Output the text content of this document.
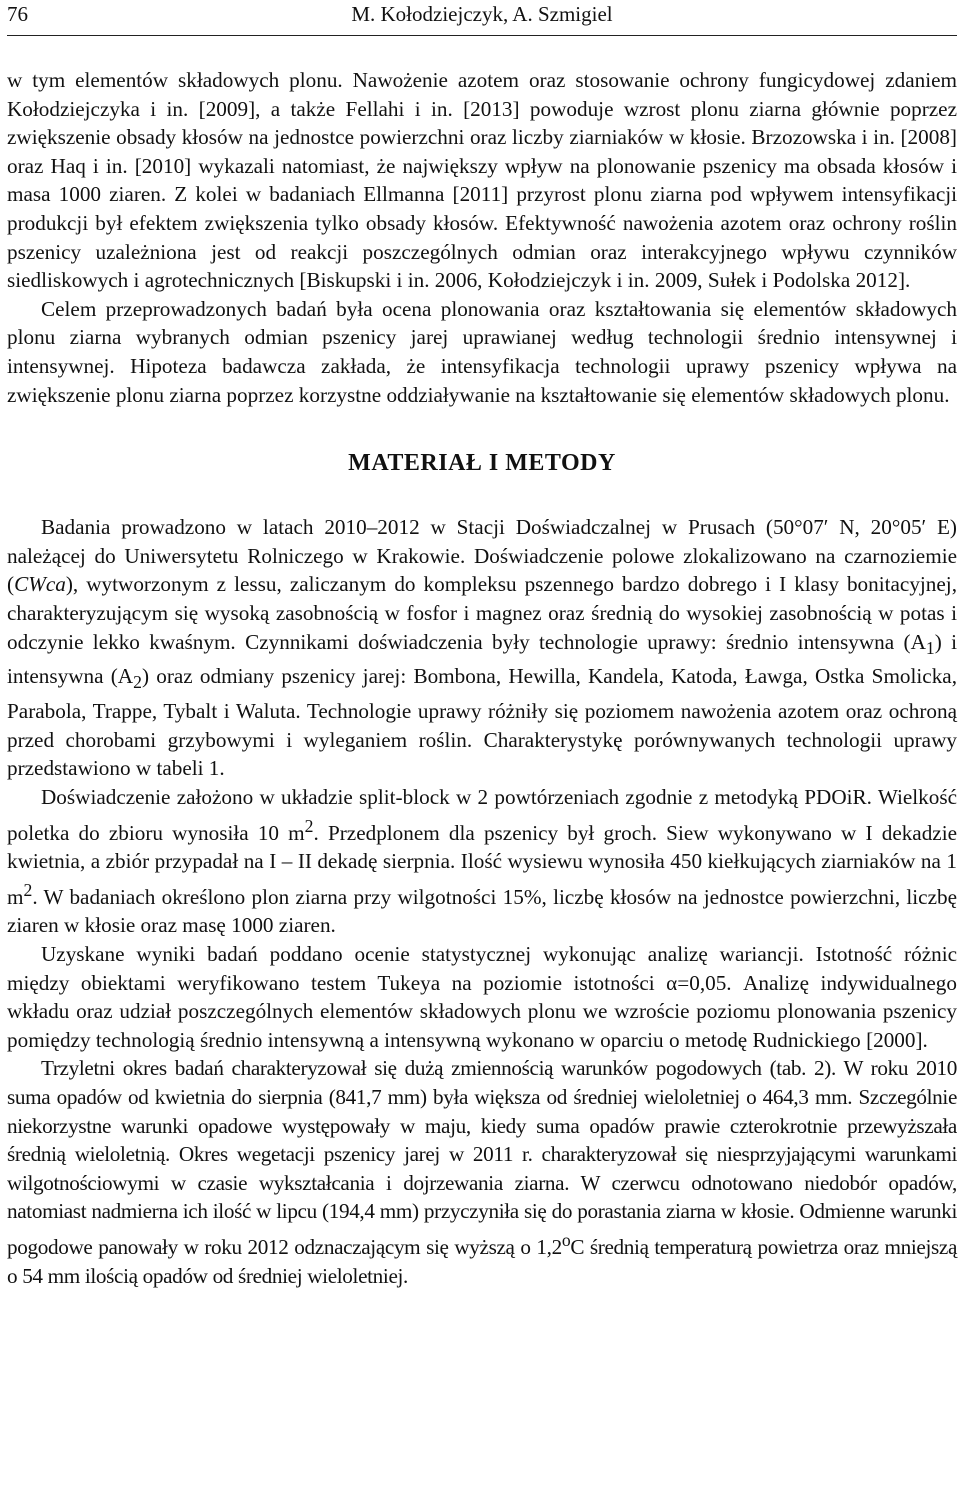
76	M. Kołodziejczyk, A. Szmigiel

w tym elementów składowych plonu. Nawożenie azotem oraz stosowanie ochrony fungicydowej zdaniem Kołodziejczyka i in. [2009], a także Fellahi i in. [2013] powoduje wzrost plonu ziarna głównie poprzez zwiększenie obsady kłosów na jednostce powierzchni oraz liczby ziarniaków w kłosie. Brzozowska i in. [2008] oraz Haq i in. [2010] wykazali natomiast, że największy wpływ na plonowanie pszenicy ma obsada kłosów i masa 1000 ziaren. Z kolei w badaniach Ellmanna [2011] przyrost plonu ziarna pod wpływem intensyfikacji produkcji był efektem zwiększenia tylko obsady kłosów. Efektywność nawożenia azotem oraz ochrony roślin pszenicy uzależniona jest od reakcji poszczególnych odmian oraz interakcyjnego wpływu czynników siedliskowych i agrotechnicznych [Biskupski i in. 2006, Kołodziejczyk i in. 2009, Sułek i Podolska 2012].

Celem przeprowadzonych badań była ocena plonowania oraz kształtowania się elementów składowych plonu ziarna wybranych odmian pszenicy jarej uprawianej według technologii średnio intensywnej i intensywnej. Hipoteza badawcza zakłada, że intensyfikacja technologii uprawy pszenicy wpływa na zwiększenie plonu ziarna poprzez korzystne oddziaływanie na kształtowanie się elementów składowych plonu.

MATERIAŁ I METODY

Badania prowadzono w latach 2010–2012 w Stacji Doświadczalnej w Prusach (50°07′ N, 20°05′ E) należącej do Uniwersytetu Rolniczego w Krakowie. Doświadczenie polowe zlokalizowano na czarnoziemie (CWca), wytworzonym z lessu, zaliczanym do kompleksu pszennego bardzo dobrego i I klasy bonitacyjnej, charakteryzującym się wysoką zasobnością w fosfor i magnez oraz średnią do wysokiej zasobnością w potas i odczynie lekko kwaśnym. Czynnikami doświadczenia były technologie uprawy: średnio intensywna $(A_1)$ i intensywna $(A_2)$ oraz odmiany pszenicy jarej: Bombona, Hewilla, Kandela, Katoda, Ławga, Ostka Smolicka, Parabola, Trappe, Tybalt i Waluta. Technologie uprawy różniły się poziomem nawożenia azotem oraz ochroną przed chorobami grzybowymi i wyleganiem roślin. Charakterystykę porównywanych technologii uprawy przedstawiono w tabeli 1.

Doświadczenie założono w układzie split-block w 2 powtórzeniach zgodnie z metodyką PDOiR. Wielkość poletka do zbioru wynosiła 10 $m^2$. Przedplonem dla pszenicy był groch. Siew wykonywano w I dekadzie kwietnia, a zbiór przypadał na I – II dekadę sierpnia. Ilość wysiewu wynosiła 450 kiełkujących ziarniaków na 1 $m^2$. W badaniach określono plon ziarna przy wilgotności 15%, liczbę kłosów na jednostce powierzchni, liczbę ziaren w kłosie oraz masę 1000 ziaren.

Uzyskane wyniki badań poddano ocenie statystycznej wykonując analizę wariancji. Istotność różnic między obiektami weryfikowano testem Tukeya na poziomie istotności α=0,05. Analizę indywidualnego wkładu oraz udział poszczególnych elementów składowych plonu we wzroście poziomu plonowania pszenicy pomiędzy technologią średnio intensywną a intensywną wykonano w oparciu o metodę Rudnickiego [2000].

Trzyletni okres badań charakteryzował się dużą zmiennością warunków pogodowych (tab. 2). W roku 2010 suma opadów od kwietnia do sierpnia (841,7 mm) była większa od średniej wieloletniej o 464,3 mm. Szczególnie niekorzystne warunki opadowe występowały w maju, kiedy suma opadów prawie czterokrotnie przewyższała średnią wieloletnią. Okres wegetacji pszenicy jarej w 2011 r. charakteryzował się niesprzyjającymi warunkami wilgotnościowymi w czasie wykształcania i dojrzewania ziarna. W czerwcu odnotowano niedobór opadów, natomiast nadmierna ich ilość w lipcu (194,4 mm) przyczyniła się do porastania ziarna w kłosie. Odmienne warunki pogodowe panowały w roku 2012 odznaczającym się wyższą o 1,2$^o$C średnią temperaturą powietrza oraz mniejszą o 54 mm ilością opadów od średniej wieloletniej.
